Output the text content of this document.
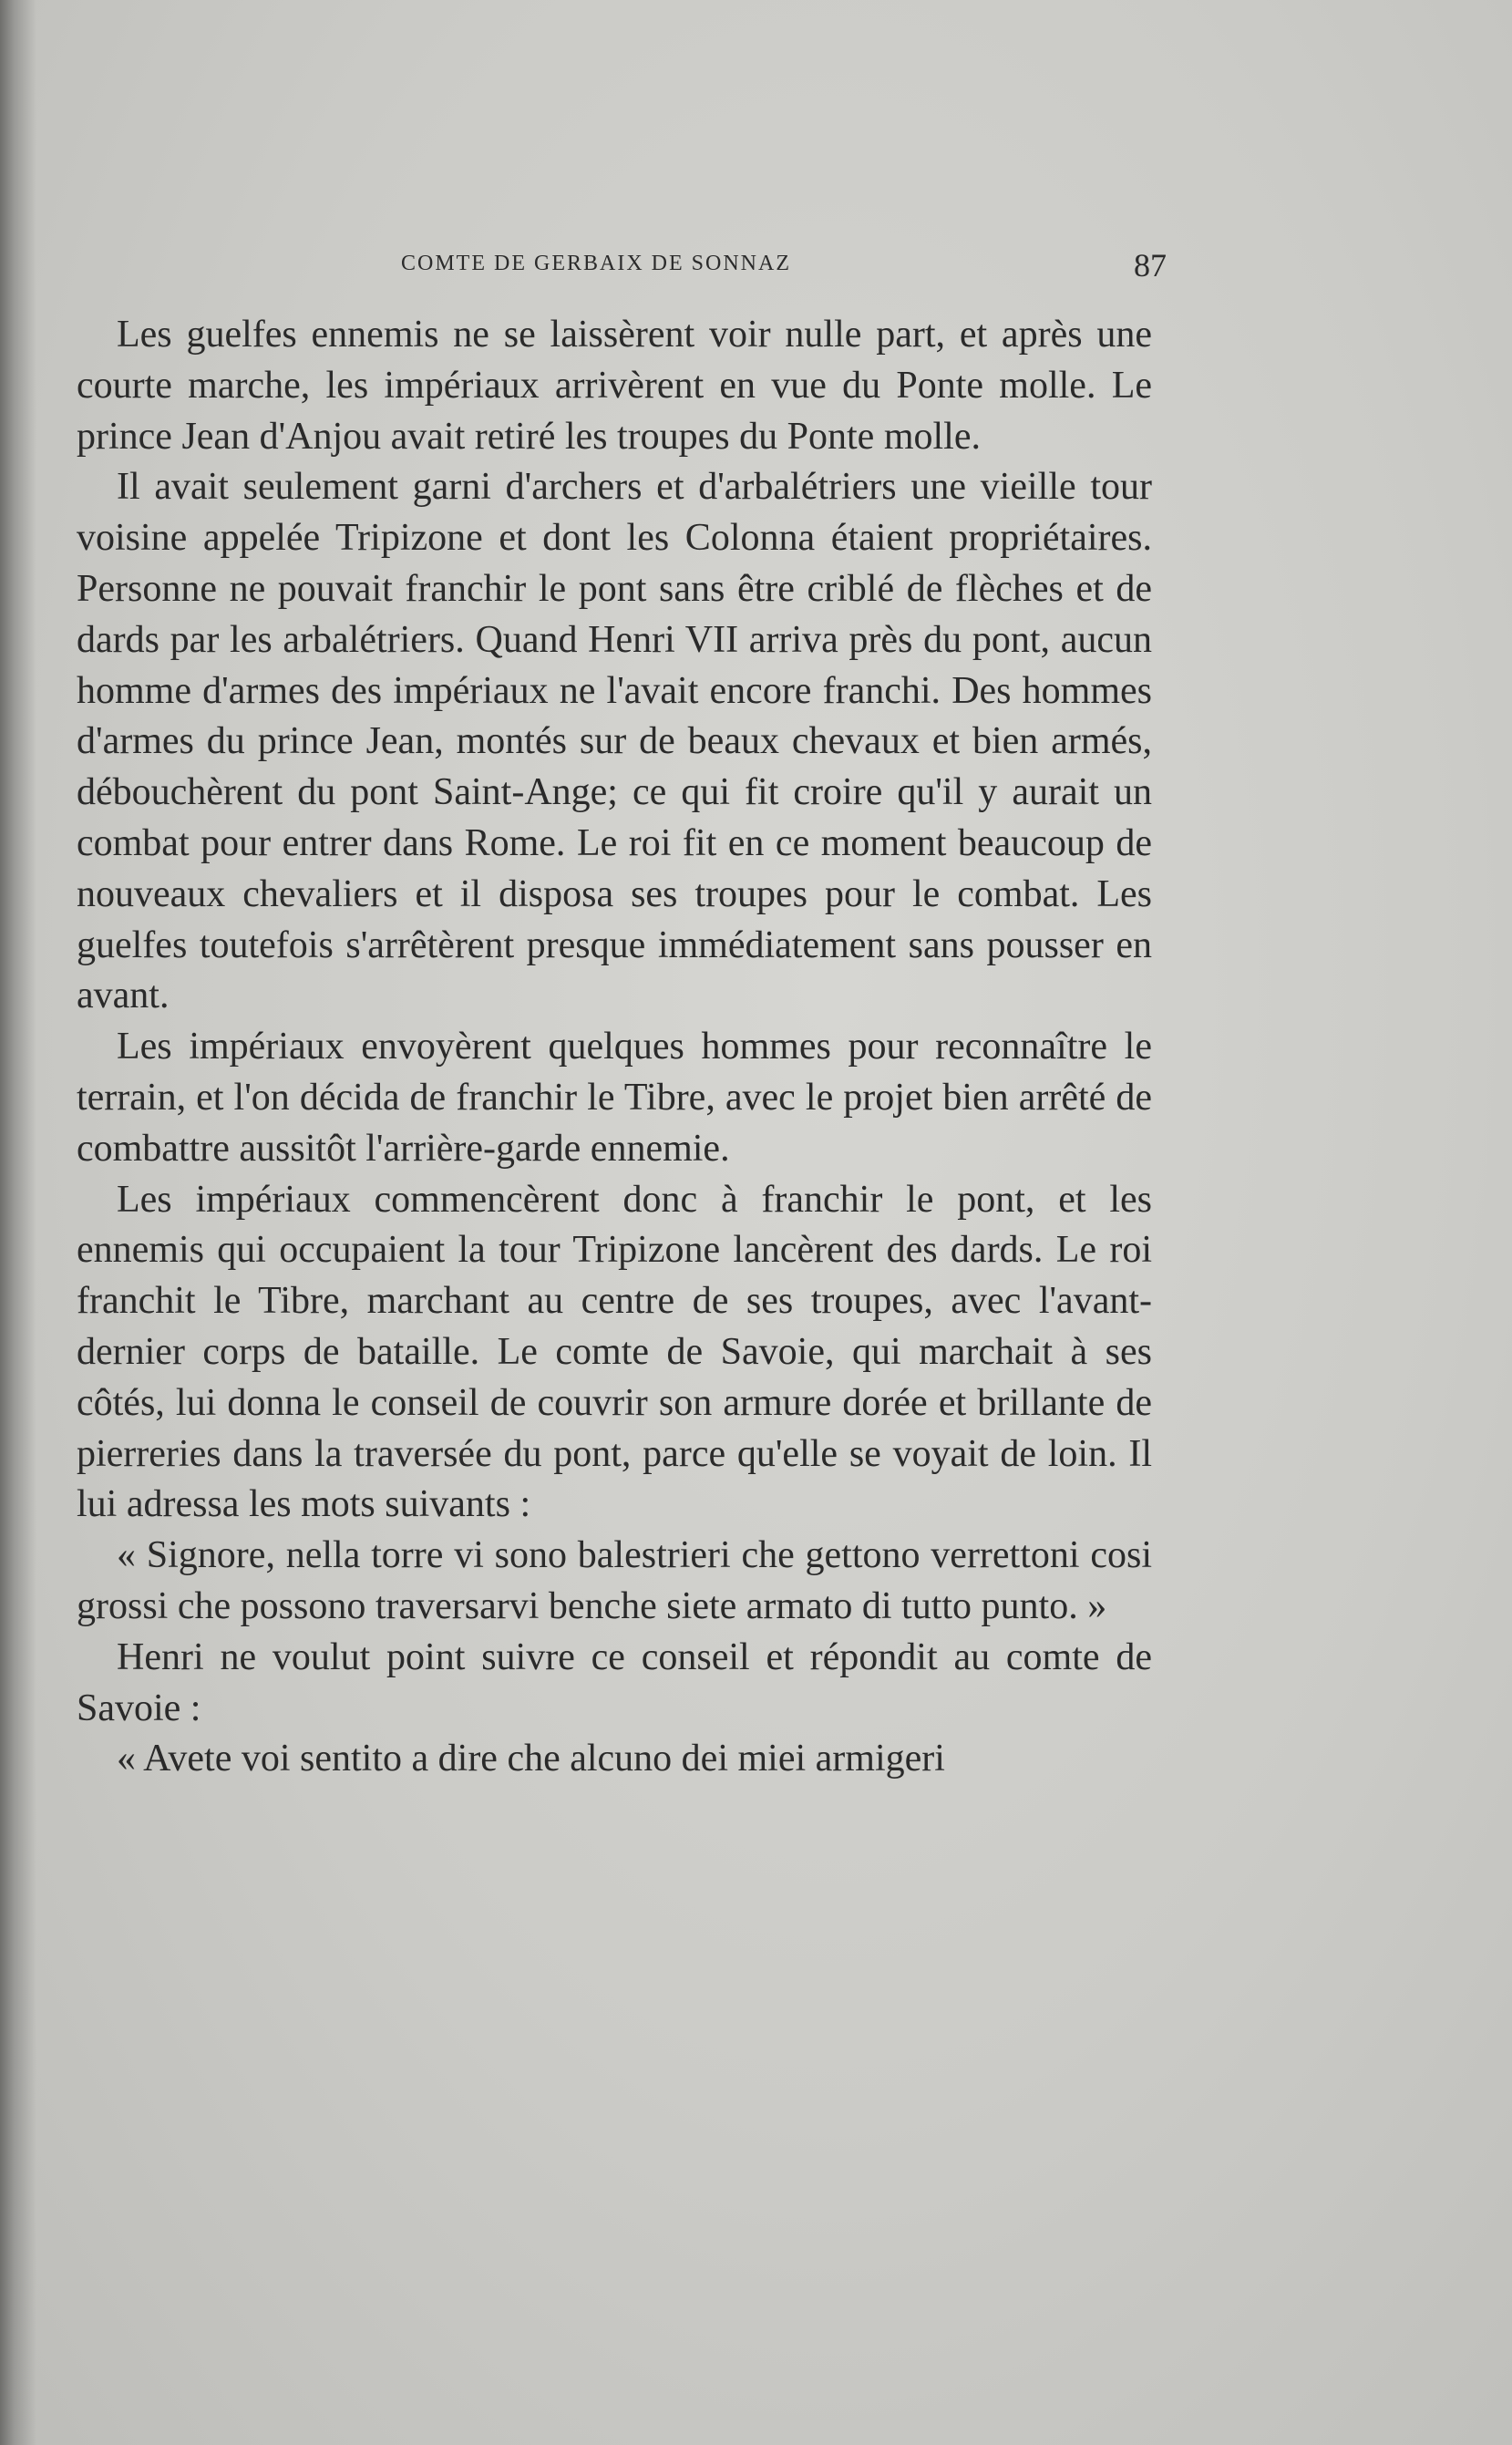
COMTE DE GERBAIX DE SONNAZ	87

Les guelfes ennemis ne se laissèrent voir nulle part, et après une courte marche, les impériaux arrivèrent en vue du Ponte molle. Le prince Jean d'Anjou avait retiré les troupes du Ponte molle.

Il avait seulement garni d'archers et d'arbalétriers une vieille tour voisine appelée Tripizone et dont les Colonna étaient propriétaires. Personne ne pouvait franchir le pont sans être criblé de flèches et de dards par les arbalétriers. Quand Henri VII arriva près du pont, aucun homme d'armes des impériaux ne l'avait encore franchi. Des hommes d'armes du prince Jean, montés sur de beaux chevaux et bien armés, débouchèrent du pont Saint-Ange; ce qui fit croire qu'il y aurait un combat pour entrer dans Rome. Le roi fit en ce moment beaucoup de nouveaux chevaliers et il disposa ses troupes pour le combat. Les guelfes toutefois s'arrêtèrent presque immédiatement sans pousser en avant.

Les impériaux envoyèrent quelques hommes pour reconnaître le terrain, et l'on décida de franchir le Tibre, avec le projet bien arrêté de combattre aussitôt l'arrière-garde ennemie.

Les impériaux commencèrent donc à franchir le pont, et les ennemis qui occupaient la tour Tripizone lancèrent des dards. Le roi franchit le Tibre, marchant au centre de ses troupes, avec l'avant-dernier corps de bataille. Le comte de Savoie, qui marchait à ses côtés, lui donna le conseil de couvrir son armure dorée et brillante de pierreries dans la traversée du pont, parce qu'elle se voyait de loin. Il lui adressa les mots suivants :

« Signore, nella torre vi sono balestrieri che gettono verrettoni cosi grossi che possono traversarvi benche siete armato di tutto punto. »

Henri ne voulut point suivre ce conseil et répondit au comte de Savoie :

« Avete voi sentito a dire che alcuno dei miei armigeri
